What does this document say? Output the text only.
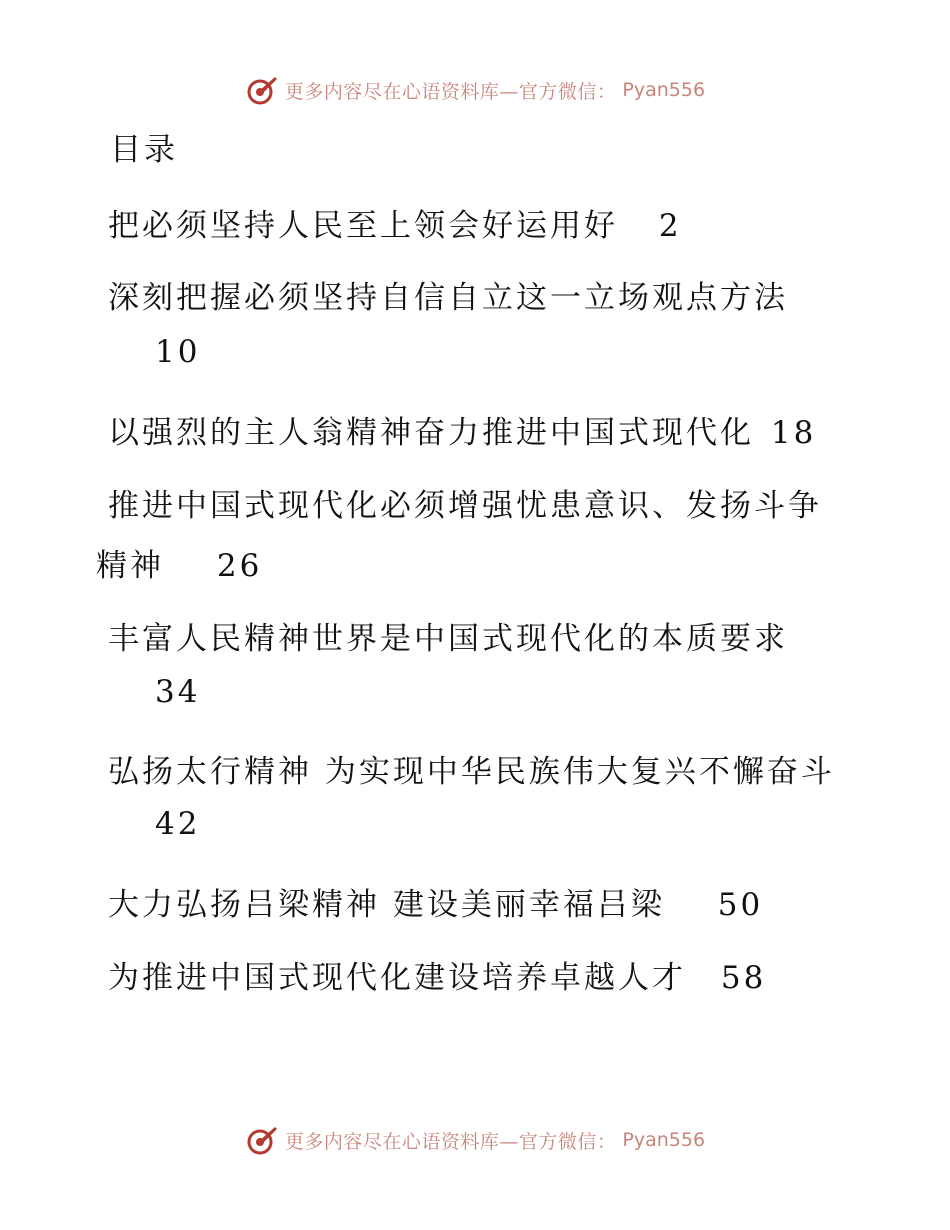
更多内容尽在心语资料库—官方微信： Pyan556
目录
把必须坚持人民至上领会好运用好 2
深刻把握必须坚持自信自立这一立场观点方法
10
以强烈的主人翁精神奋力推进中国式现代化 18
推进中国式现代化必须增强忧患意识、发扬斗争
精神 26
丰富人民精神世界是中国式现代化的本质要求
34
弘扬太行精神 为实现中华民族伟大复兴不懈奋斗
42
大力弘扬吕梁精神 建设美丽幸福吕梁 50
为推进中国式现代化建设培养卓越人才 58
更多内容尽在心语资料库—官方微信： Pyan556
